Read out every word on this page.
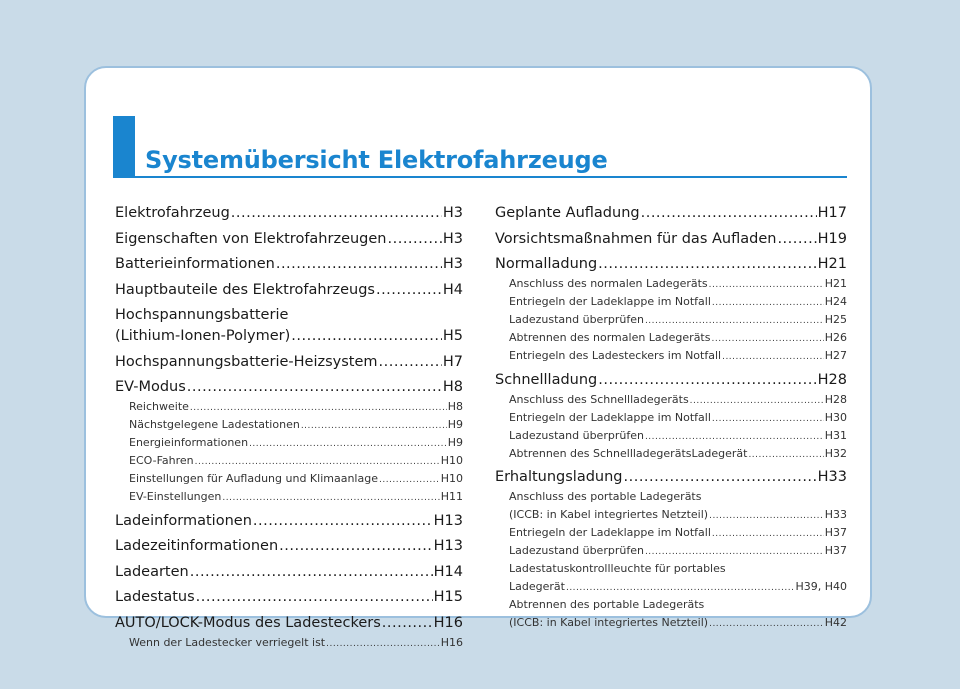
Systemübersicht Elektrofahrzeuge
Elektrofahrzeug .....	H3
Eigenschaften von Elektrofahrzeugen .....	H3
Batterieinformationen .....	H3
Hauptbauteile des Elektrofahrzeugs .....	H4
Hochspannungsbatterie
(Lithium-Ionen-Polymer) .....	H5
Hochspannungsbatterie-Heizsystem .....	H7
EV-Modus .....	H8
Reichweite .....	H8
Nächstgelegene Ladestationen .....	H9
Energieinformationen .....	H9
ECO-Fahren .....	H10
Einstellungen für Aufladung und Klimaanlage .....	H10
EV-Einstellungen .....	H11
Ladeinformationen .....	H13
Ladezeitinformationen .....	H13
Ladearten .....	H14
Ladestatus .....	H15
AUTO/LOCK-Modus des Ladesteckers .....	H16
Wenn der Ladestecker verriegelt ist .....	H16
Geplante Aufladung .....	H17
Vorsichtsmaßnahmen für das Aufladen .....	H19
Normalladung .....	H21
Anschluss des normalen Ladegeräts .....	H21
Entriegeln der Ladeklappe im Notfall .....	H24
Ladezustand überprüfen .....	H25
Abtrennen des normalen Ladegeräts .....	H26
Entriegeln des Ladesteckers im Notfall .....	H27
Schnellladung .....	H28
Anschluss des Schnellladegeräts .....	H28
Entriegeln der Ladeklappe im Notfall .....	H30
Ladezustand überprüfen .....	H31
Abtrennen des SchnellladegerätsLadegerät .....	H32
Erhaltungsladung .....	H33
Anschluss des portable Ladegeräts
(ICCB: in Kabel integriertes Netzteil) .....	H33
Entriegeln der Ladeklappe im Notfall .....	H37
Ladezustand überprüfen .....	H37
Ladestatuskontrollleuchte für portables
Ladegerät .....	H39, H40
Abtrennen des portable Ladegeräts
(ICCB: in Kabel integriertes Netzteil) .....	H42
